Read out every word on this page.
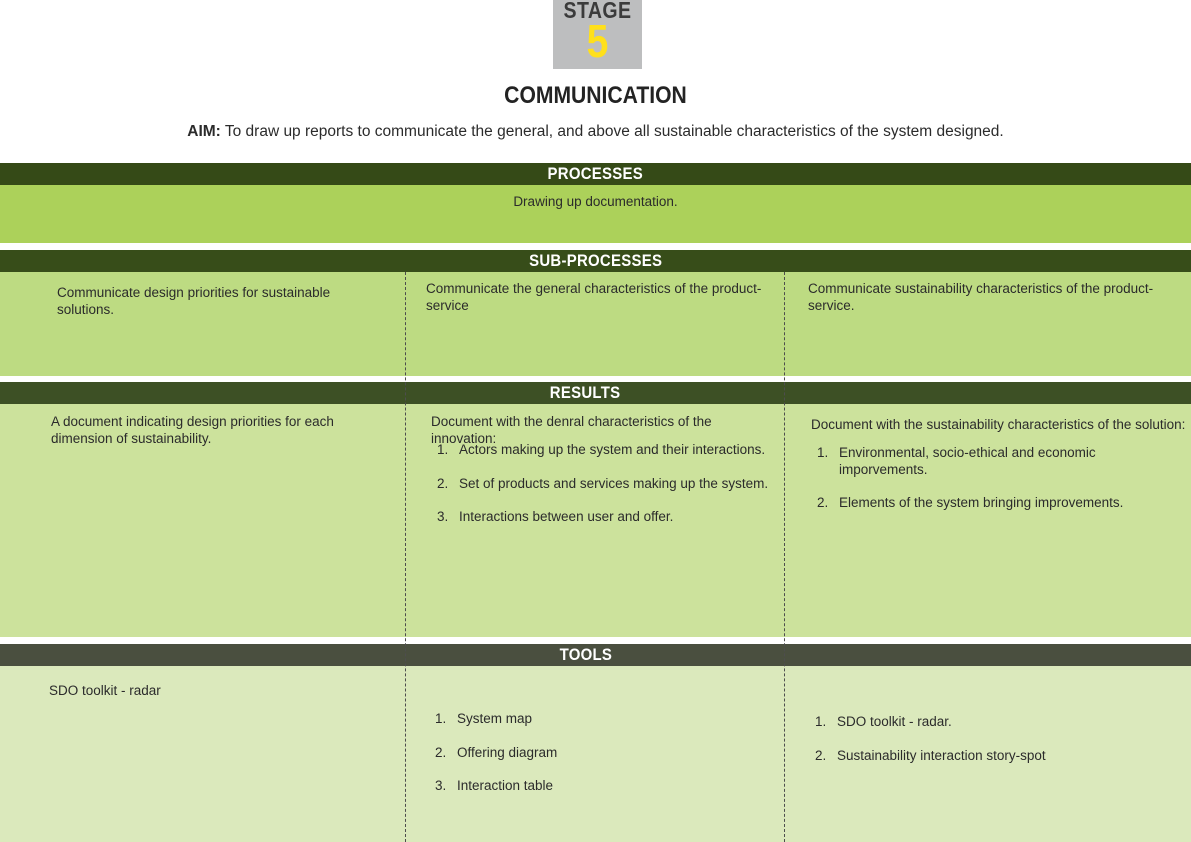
STAGE
5
COMMUNICATION
AIM: To draw up reports to communicate the general, and above all sustainable characteristics of the system designed.
PROCESSES
Drawing up documentation.
SUB-PROCESSES
Communicate design priorities for sustainable solutions.
Communicate the general characteristics of the product-service
Communicate sustainability characteristics of the product-service.
RESULTS
A document indicating design priorities for each dimension of sustainability.
Document with the denral characteristics of the innovation:
1. Actors making up the system and their interactions.
2. Set of products and services making up the system.
3. Interactions between user and offer.
Document with the sustainability characteristics of the solution:
1. Environmental, socio-ethical and economic imporvements.
2. Elements of the system bringing improvements.
TOOLS
SDO toolkit - radar
1. System map
2. Offering diagram
3. Interaction table
1. SDO toolkit - radar.
2. Sustainability interaction story-spot
